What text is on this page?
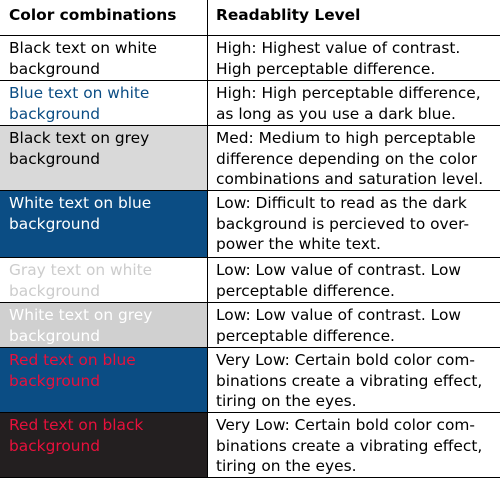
Color combinations	Readablity Level
Black text on white background
High: Highest value of contrast. High perceptable difference.
Blue text on white background
High: High perceptable difference, as long as you use a dark blue.
Black text on grey background
Med: Medium to high perceptable difference depending on the color combinations and saturation level.
White text on blue background
Low: Difficult to read as the dark background is percieved to over-power the white text.
Gray text on white background
Low: Low value of contrast. Low perceptable difference.
White text on grey background
Low: Low value of contrast. Low perceptable difference.
Red text on blue background
Very Low: Certain bold color com-binations create a vibrating effect, tiring on the eyes.
Red text on black background
Very Low: Certain bold color com-binations create a vibrating effect, tiring on the eyes.
